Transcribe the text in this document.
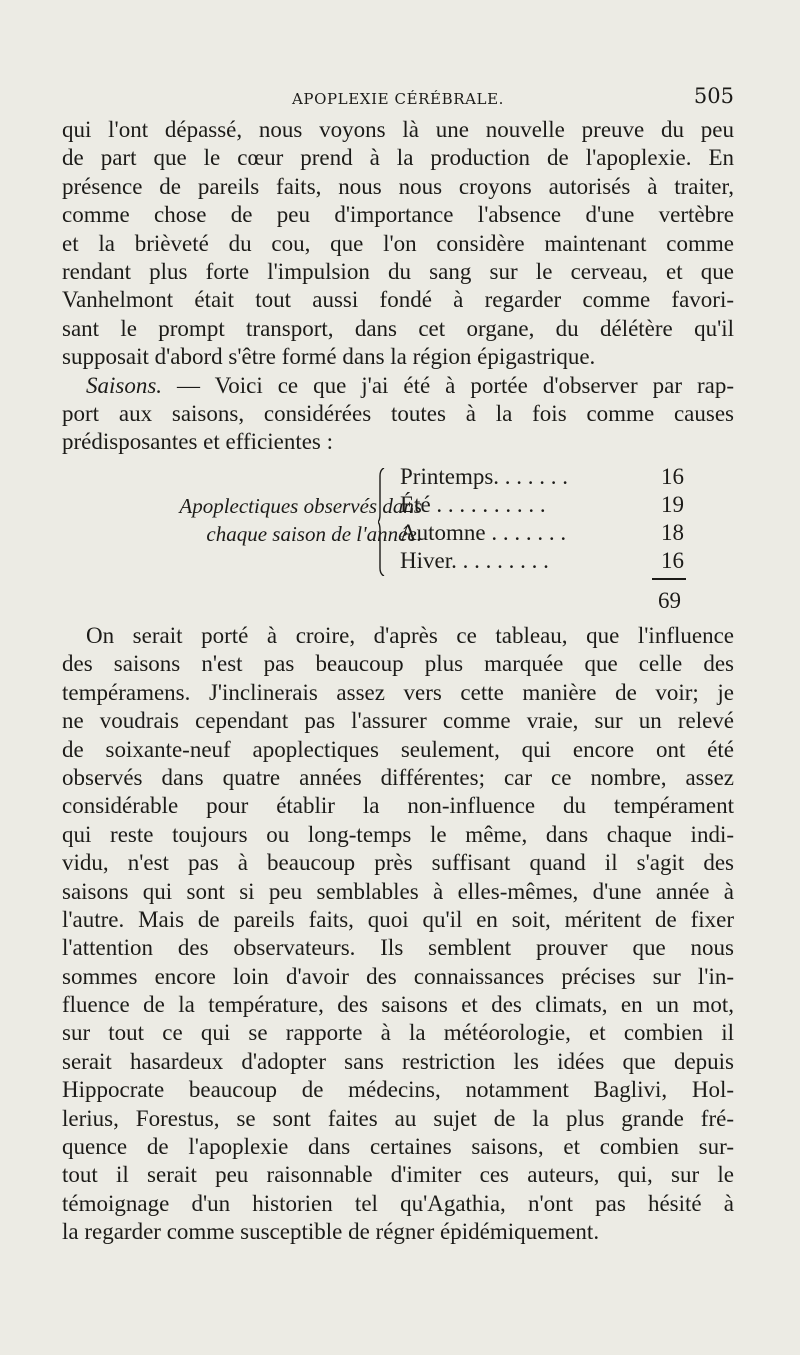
APOPLEXIE CÉRÉBRALE.	505
qui l'ont dépassé, nous voyons là une nouvelle preuve du peu
de part que le cœur prend à la production de l'apoplexie. En
présence de pareils faits, nous nous croyons autorisés à traiter,
comme chose de peu d'importance l'absence d'une vertèbre
et la brièveté du cou, que l'on considère maintenant comme
rendant plus forte l'impulsion du sang sur le cerveau, et que
Vanhelmont était tout aussi fondé à regarder comme favori-
sant le prompt transport, dans cet organe, du délétère qu'il
supposait d'abord s'être formé dans la région épigastrique.
Saisons. — Voici ce que j'ai été à portée d'observer par rap-
port aux saisons, considérées toutes à la fois comme causes
prédisposantes et efficientes :
Apoplectiques observés dans
chaque saison de l'année.
Printemps. . . . . . .	16
Été . . . . . . . . . .	19
Automne . . . . . . .	18
Hiver. . . . . . . . .	16
69
On serait porté à croire, d'après ce tableau, que l'influence
des saisons n'est pas beaucoup plus marquée que celle des
tempéramens. J'inclinerais assez vers cette manière de voir; je
ne voudrais cependant pas l'assurer comme vraie, sur un relevé
de soixante-neuf apoplectiques seulement, qui encore ont été
observés dans quatre années différentes; car ce nombre, assez
considérable pour établir la non-influence du tempérament
qui reste toujours ou long-temps le même, dans chaque indi-
vidu, n'est pas à beaucoup près suffisant quand il s'agit des
saisons qui sont si peu semblables à elles-mêmes, d'une année à
l'autre. Mais de pareils faits, quoi qu'il en soit, méritent de fixer
l'attention des observateurs. Ils semblent prouver que nous
sommes encore loin d'avoir des connaissances précises sur l'in-
fluence de la température, des saisons et des climats, en un mot,
sur tout ce qui se rapporte à la météorologie, et combien il
serait hasardeux d'adopter sans restriction les idées que depuis
Hippocrate beaucoup de médecins, notamment Baglivi, Hol-
lerius, Forestus, se sont faites au sujet de la plus grande fré-
quence de l'apoplexie dans certaines saisons, et combien sur-
tout il serait peu raisonnable d'imiter ces auteurs, qui, sur le
témoignage d'un historien tel qu'Agathia, n'ont pas hésité à
la regarder comme susceptible de régner épidémiquement.
